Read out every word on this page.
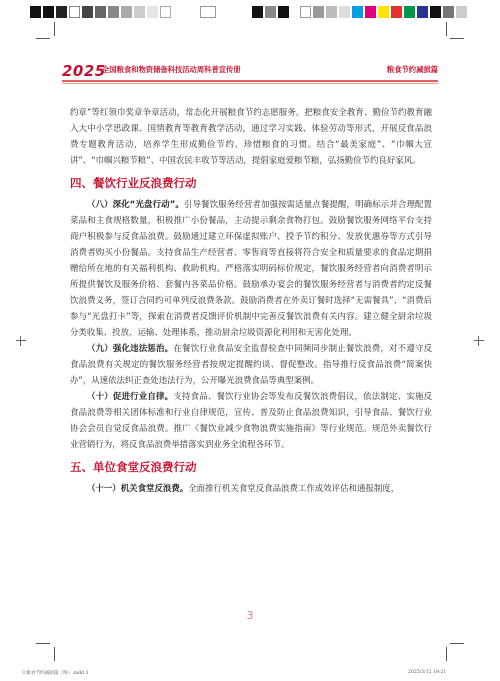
2025
全国粮食和物资储备科技活动周科普宣传册	粮食节约减损篇

约章”等红领巾奖章争章活动，常态化开展粮食节约志愿服务。把粮食安全教育、勤俭节约教育融入大中小学思政课、国情教育等教育教学活动，通过学习实践、体验劳动等形式，开展反食品浪费专题教育活动，培养学生形成勤俭节约、珍惜粮食的习惯。结合“最美家庭”、“巾帼大宣讲”、“巾帼兴粮节粮”、中国农民丰收节等活动，提倡家庭爱粮节粮，弘扬勤俭节约良好家风。

四、餐饮行业反浪费行动

（八）深化“光盘行动”。引导餐饮服务经营者加强按需适量点餐提醒，明确标示并合理配置菜品和主食规格数量，积极推广小份餐品，主动提示剩余食物打包。鼓励餐饮服务网络平台支持商户积极参与反食品浪费。鼓励通过建立环保虚拟账户、授予节约积分、发放优惠券等方式引导消费者购买小份餐品。支持食品生产经营者、零售商等直接将符合安全和质量要求的食品定期捐赠给所在地的有关福利机构、救助机构。严格落实明码标价规定，餐饮服务经营者向消费者明示所提供餐饮及服务价格、套餐内各菜品价格。鼓励承办宴会的餐饮服务经营者与消费者约定反餐饮浪费义务，签订合同约可单列反浪费条款。鼓励消费者在外卖订餐时选择“无需餐具”、“消费后参与“光盘打卡”等，探索在消费者反馈评价机制中完善反餐饮浪费有关内容。建立健全厨余垃圾分类收集、投放、运输、处理体系，推动厨余垃圾资源化利用和无害化处理。

（九）强化违法惩治。在餐饮行业食品安全监督检查中同频同步制止餐饮浪费，对不遵守反食品浪费有关规定的餐饮服务经营者按规定提醒约谈、督促整改。指导推行反食品浪费“简案快办”，从速依法纠正查处违法行为，公开曝光浪费食品等典型案例。

（十）促进行业自律。支持食品、餐饮行业协会等发布反餐饮浪费倡议，依法制定、实施反食品浪费等相关团体标准和行业自律规范，宣传、普及防止食品浪费知识，引导食品、餐饮行业协会会员自觉反食品浪费。推广《餐饮业减少食物浪费实施指南》等行业规范。规范外卖餐饮行业营销行为，将反食品浪费举措落实到业务全流程各环节。

五、单位食堂反浪费行动

（十一）机关食堂反浪费。全面推行机关食堂反食品浪费工作成效评估和通报制度，

3
3.粮食节约减损篇（终）.indd 3	2025/3/12 19:21
